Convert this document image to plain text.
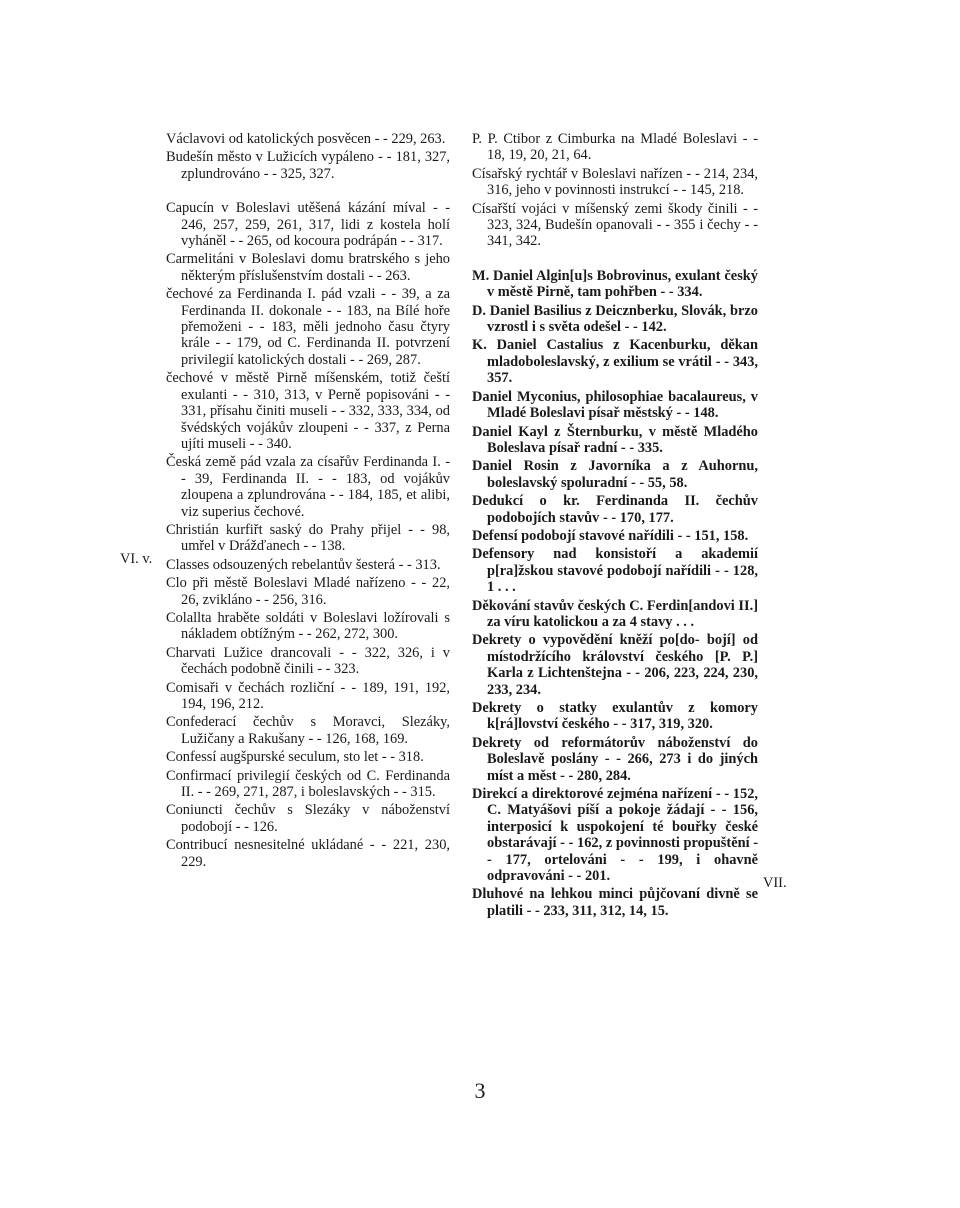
Václavovi od katolických posvěcen - - 229, 263.

Budešín město v Lužicích vypáleno - - 181, 327, zplundrováno - - 325, 327.

Capucín v Boleslavi utěšená kázání míval - - 246, 257, 259, 261, 317, lidi z kostela holí vyháněl - - 265, od kocoura podrápán - - 317.

Carmelitáni v Boleslavi domu bratrského s jeho některým příslušenstvím dostali - - 263.

čechové za Ferdinanda I. pád vzali - - 39, a za Ferdinanda II. dokonale - - 183, na Bílé hoře přemoženi - - 183, měli jednoho času čtyry krále - - 179, od C. Ferdinanda II. potvrzení privilegií katolických dostali - - 269, 287.

čechové v městě Pirně míšenském, totiž čeští exulanti - - 310, 313, v Perně popisováni - - 331, přísahu činiti museli - - 332, 333, 334, od švédských vojákův zloupeni - - 337, z Perna ujíti museli - - 340.

Česká země pád vzala za císařův Ferdinanda I. - - 39, Ferdinanda II. - - 183, od vojákův zloupena a zplundrována - - 184, 185, et alibi, viz superius čechové.

Christián kurfiřt saský do Prahy přijel - - 98, umřel v Drážďanech - - 138.

Classes odsouzených rebelantův šesterá - - 313.

Clo při městě Boleslavi Mladé nařízeno - - 22, 26, zvikláno - - 256, 316.

Colallta hraběte soldáti v Boleslavi ložírovali s nákladem obtížným - - 262, 272, 300.

Charvati Lužice drancovali - - 322, 326, i v čechách podobně činili - - 323.

Comisaři v čechách rozliční - - 189, 191, 192, 194, 196, 212.

Confederací čechův s Moravci, Slezáky, Lužičany a Rakušany - - 126, 168, 169.

Confessí augšpurské seculum, sto let - - 318.

Confirmací privilegií českých od C. Ferdinanda II. - - 269, 271, 287, i boleslavských - - 315.

Coniuncti čechův s Slezáky v náboženství podobojí - - 126.

Contribucí nesnesitelné ukládané - - 221, 230, 229.

P. P. Ctibor z Cimburka na Mladé Boleslavi - - 18, 19, 20, 21, 64.

Císařský rychtář v Boleslavi nařízen - - 214, 234, 316, jeho v povinnosti instrukcí - - 145, 218.

Císařští vojáci v míšenský zemi škody činili - - 323, 324, Budešín opanovali - - 355 i čechy - - 341, 342.

M. Daniel Algin[u]s Bobrovinus, exulant český v městě Pirně, tam pohřben - - 334.

D. Daniel Basilius z Deicznberku, Slovák, brzo vzrostl i s světa odešel - - 142.

K. Daniel Castalius z Kacenburku, děkan mladoboleslavský, z exilium se vrátil - - 343, 357.

Daniel Myconius, philosophiae bacalaureus, v Mladé Boleslavi písař městský - - 148.

Daniel Kayl z Šternburku, v městě Mladého Boleslava písař radní - - 335.

Daniel Rosin z Javorníka a z Auhornu, boleslavský spoluradní - - 55, 58.

Dedukcí o kr. Ferdinanda II. čechův podobojích stavův - - 170, 177.

Defensí podobojí stavové nařídili - - 151, 158.

Defensory nad konsistoří a akademií p[ra]žskou stavové podobojí nařídili - - 128, 1 . . .

Děkování stavův českých C. Ferdin[andovi II.] za víru katolickou a za 4 stavy . . .

Dekrety o vypovědění kněží po[do- bojí] od místodržícího království českého [P. P.] Karla z Lichtenštejna - - 206, 223, 224, 230, 233, 234.

Dekrety o statky exulantův z komory k[rá]lovství českého - - 317, 319, 320.

Dekrety od reformátorův náboženství do Boleslavě poslány - - 266, 273 i do jiných míst a měst - - 280, 284.

Direkcí a direktorové zejména nařízení - - 152, C. Matyášovi píší a pokoje žádají - - 156, interposicí k uspokojení té bouřky české obstarávají - - 162, z povinnosti propuštění - - 177, ortelováni - - 199, i ohavně odpravováni - - 201.

Dluhové na lehkou minci půjčovaní divně se platili - - 233, 311, 312, 14, 15.

VI. v.
VII.
3
